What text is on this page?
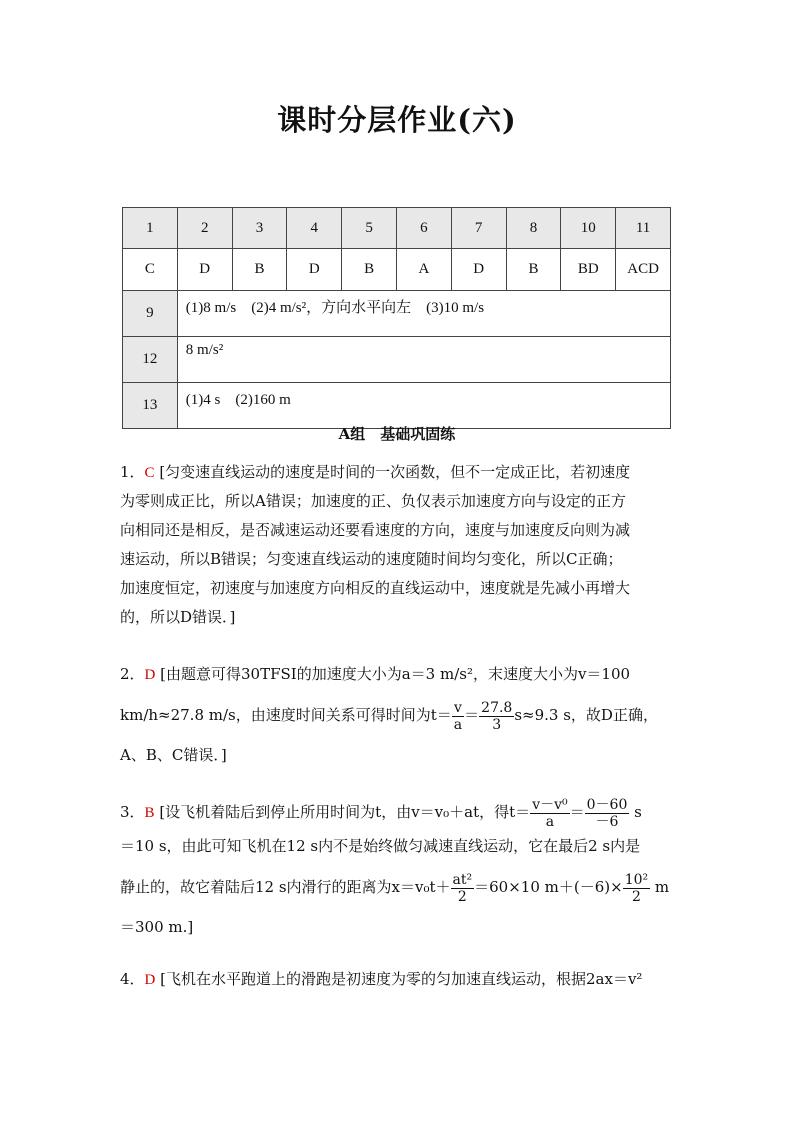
课时分层作业(六)
1	2	3	4	5	6	7	8	10	11
C	D	B	D	B	A	D	B	BD	ACD
9	(1)8 m/s　(2)4 m/s²，方向水平向左　(3)10 m/s								
12	8 m/s²								
13	(1)4 s　(2)160 m								
A组　基础巩固练
1．C [匀变速直线运动的速度是时间的一次函数，但不一定成正比，若初速度
为零则成正比，所以A错误；加速度的正、负仅表示加速度方向与设定的正方
向相同还是相反，是否减速运动还要看速度的方向，速度与加速度反向则为减
速运动，所以B错误；匀变速直线运动的速度随时间均匀变化，所以C正确；
加速度恒定，初速度与加速度方向相反的直线运动中，速度就是先减小再增大
的，所以D错误．]
2．D [由题意可得30TFSI的加速度大小为a＝3 m/s²，末速度大小为v＝100
km/h≈27.8 m/s，由速度时间关系可得时间为$t= \frac{v}{a} = \frac{27.8}{3} s\approx 9.3$ s，故D正确，
A、B、C错误．]
3．B [设飞机着陆后到停止所用时间为t，由v＝v₀＋at，得$t= \frac{\text{v－v⁰}}{a} = \frac{0-60}{-6}$ s
＝10 s，由此可知飞机在12 s内不是始终做匀减速直线运动，它在最后2 s内是
静止的，故它着陆后12 s内滑行的距离为$x=v_0t+ \frac{\text{at²}}{2} =60\times 10$ $m+(-6)\times \frac{\text{10²}}{2}$ m
＝300 m.]
4．D [飞机在水平跑道上的滑跑是初速度为零的匀加速直线运动，根据2ax＝v²
